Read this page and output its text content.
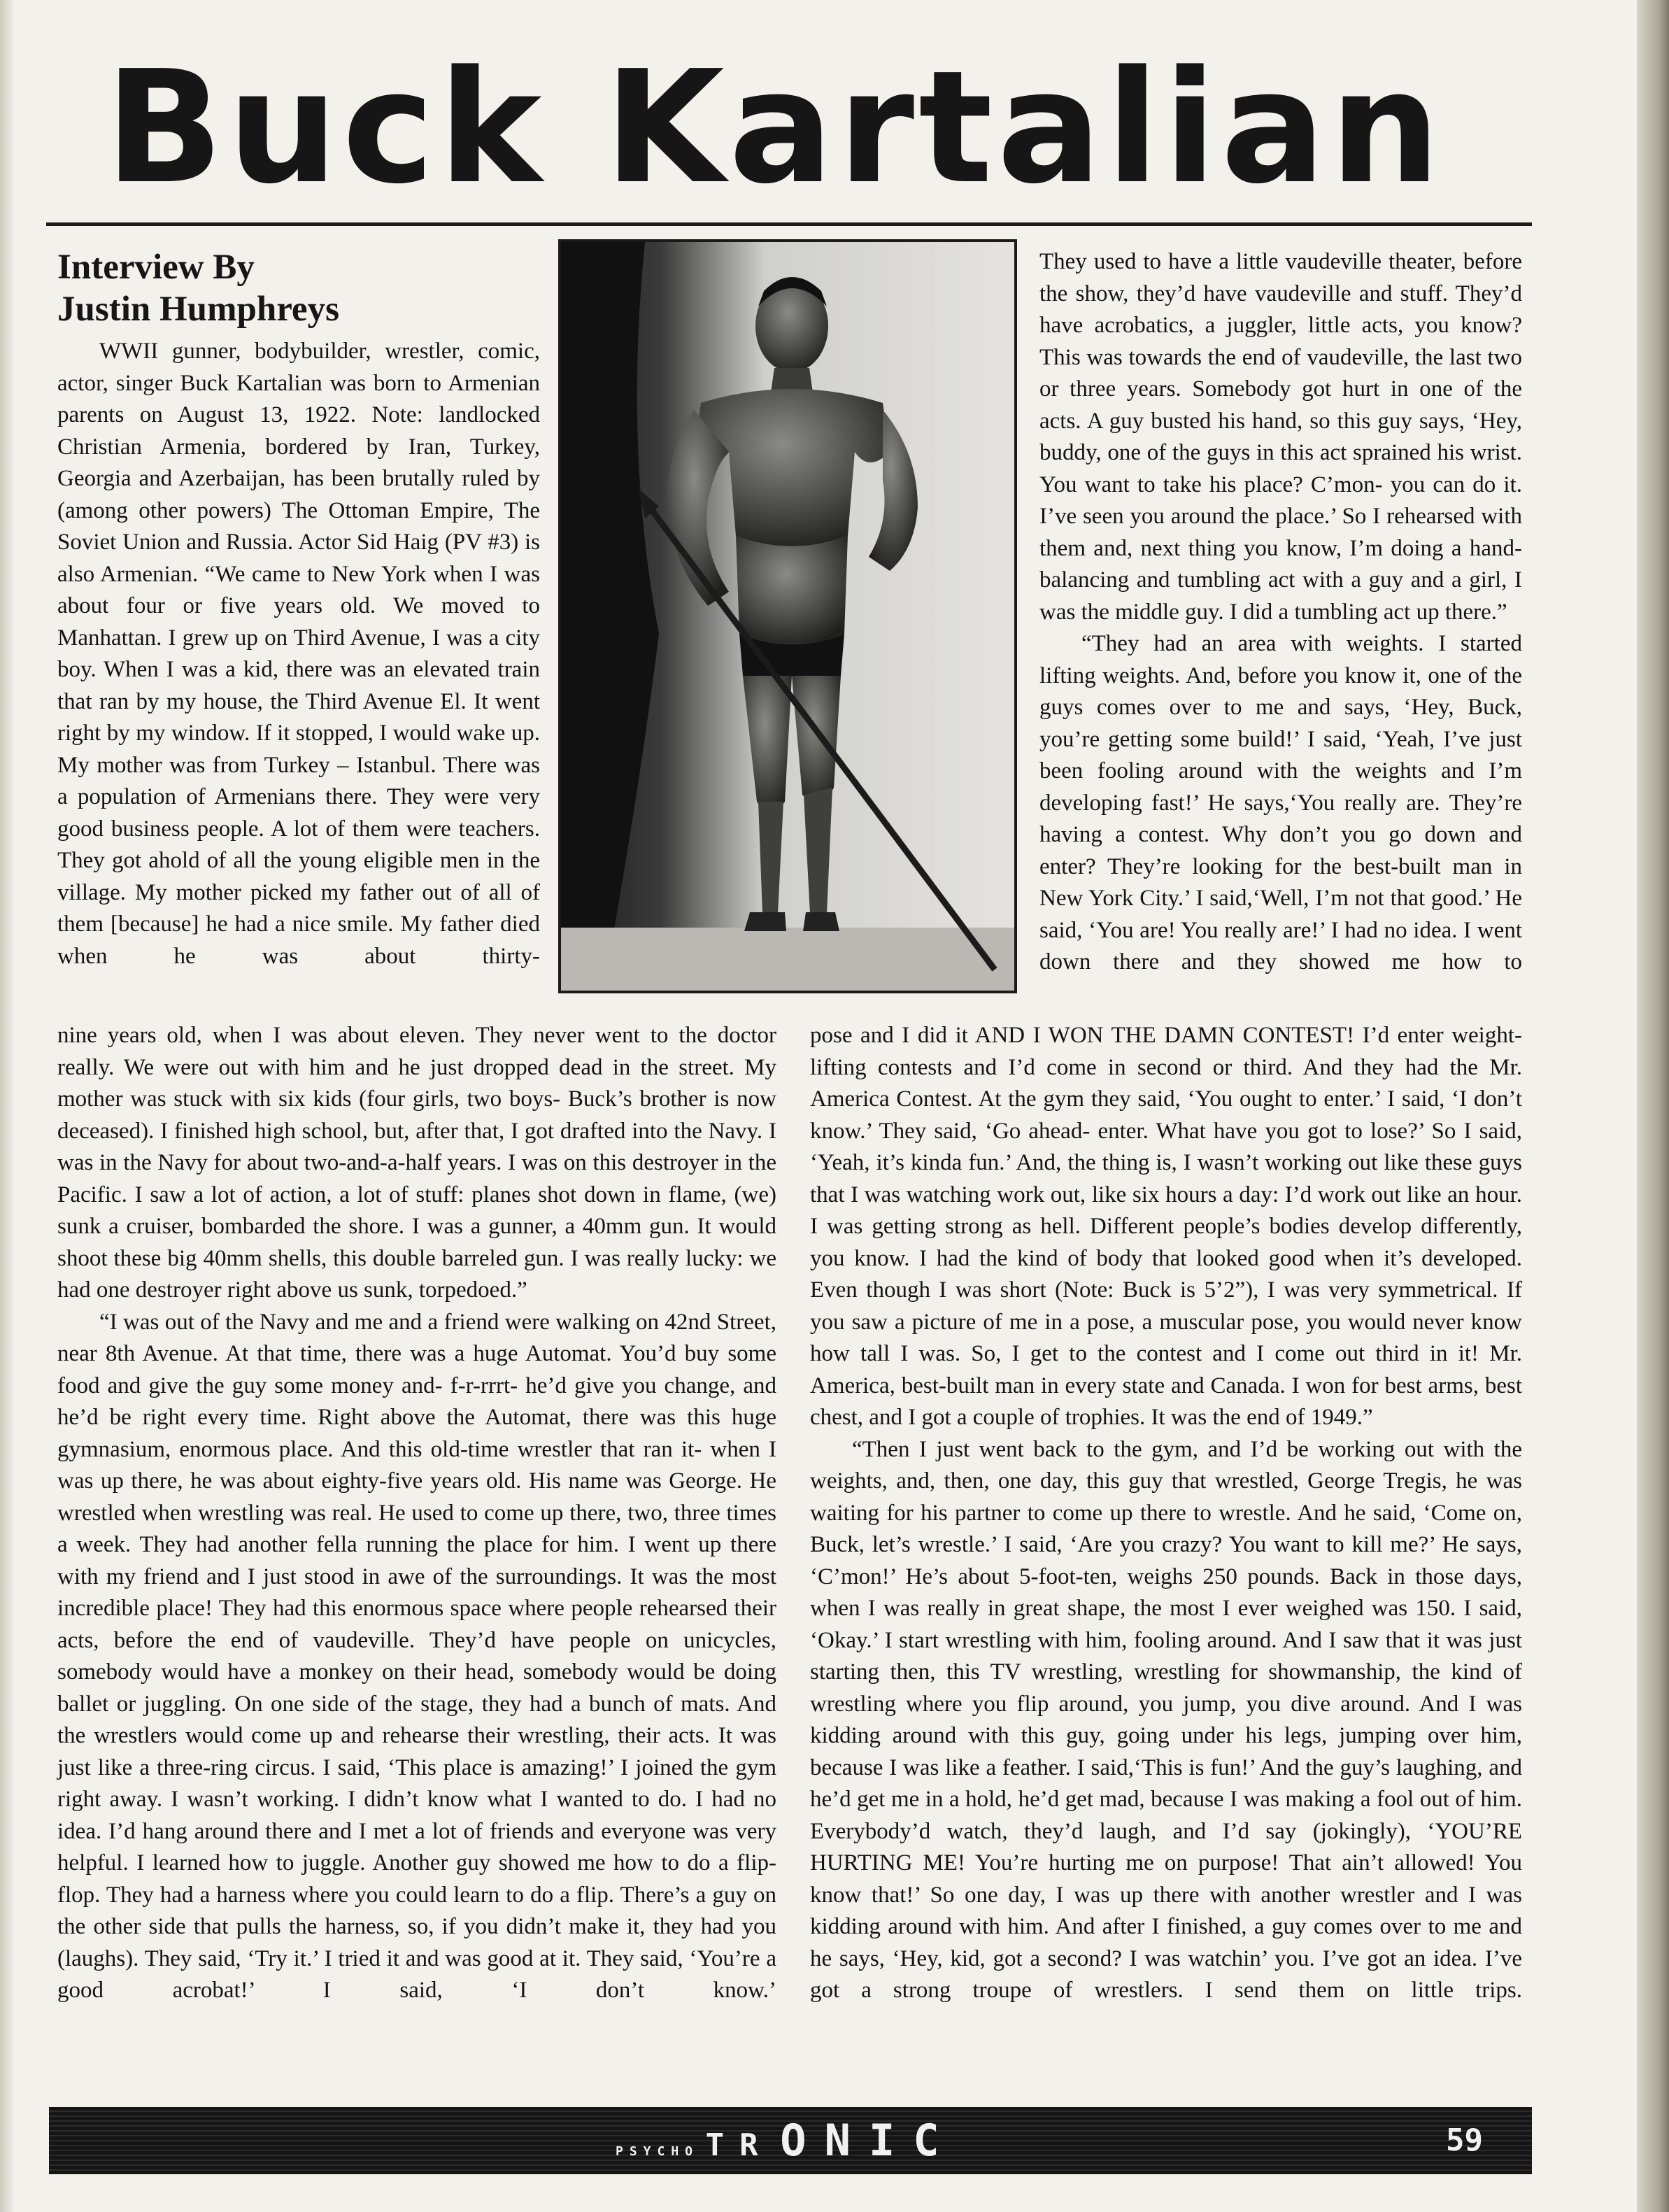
Buck Kartalian
Interview By
Justin Humphreys

WWII gunner, bodybuilder, wrestler, comic, actor, singer Buck Kartalian was born to Armenian parents on August 13, 1922. Note: landlocked Christian Armenia, bordered by Iran, Turkey, Georgia and Azerbaijan, has been brutally ruled by (among other powers) The Ottoman Empire, The Soviet Union and Russia. Actor Sid Haig (PV #3) is also Armenian. “We came to New York when I was about four or five years old. We moved to Manhattan. I grew up on Third Avenue, I was a city boy. When I was a kid, there was an elevated train that ran by my house, the Third Avenue El. It went right by my window. If it stopped, I would wake up. My mother was from Turkey – Istanbul. There was a population of Armenians there. They were very good business people. A lot of them were teachers. They got ahold of all the young eligible men in the village. My mother picked my father out of all of them [because] he had a nice smile. My father died when he was about thirty-

They used to have a little vaudeville theater, before the show, they’d have vaudeville and stuff. They’d have acrobatics, a juggler, little acts, you know? This was towards the end of vaudeville, the last two or three years. Somebody got hurt in one of the acts. A guy busted his hand, so this guy says, ‘Hey, buddy, one of the guys in this act sprained his wrist. You want to take his place? C’mon- you can do it. I’ve seen you around the place.’ So I rehearsed with them and, next thing you know, I’m doing a hand-balancing and tumbling act with a guy and a girl, I was the middle guy. I did a tumbling act up there.”

“They had an area with weights. I started lifting weights. And, before you know it, one of the guys comes over to me and says, ‘Hey, Buck, you’re getting some build!’ I said, ‘Yeah, I’ve just been fooling around with the weights and I’m developing fast!’ He says,‘You really are. They’re having a contest. Why don’t you go down and enter? They’re looking for the best-built man in New York City.’ I said,‘Well, I’m not that good.’ He said, ‘You are! You really are!’ I had no idea. I went down there and they showed me how to

nine years old, when I was about eleven. They never went to the doctor really. We were out with him and he just dropped dead in the street. My mother was stuck with six kids (four girls, two boys- Buck’s brother is now deceased). I finished high school, but, after that, I got drafted into the Navy. I was in the Navy for about two-and-a-half years. I was on this destroyer in the Pacific. I saw a lot of action, a lot of stuff: planes shot down in flame, (we) sunk a cruiser, bombarded the shore. I was a gunner, a 40mm gun. It would shoot these big 40mm shells, this double barreled gun. I was really lucky: we had one destroyer right above us sunk, torpedoed.”

“I was out of the Navy and me and a friend were walking on 42nd Street, near 8th Avenue. At that time, there was a huge Automat. You’d buy some food and give the guy some money and- f-r-rrrt- he’d give you change, and he’d be right every time. Right above the Automat, there was this huge gymnasium, enormous place. And this old-time wrestler that ran it- when I was up there, he was about eighty-five years old. His name was George. He wrestled when wrestling was real. He used to come up there, two, three times a week. They had another fella running the place for him. I went up there with my friend and I just stood in awe of the surroundings. It was the most incredible place! They had this enormous space where people rehearsed their acts, before the end of vaudeville. They’d have people on unicycles, somebody would have a monkey on their head, somebody would be doing ballet or juggling. On one side of the stage, they had a bunch of mats. And the wrestlers would come up and rehearse their wrestling, their acts. It was just like a three-ring circus. I said, ‘This place is amazing!’ I joined the gym right away. I wasn’t working. I didn’t know what I wanted to do. I had no idea. I’d hang around there and I met a lot of friends and everyone was very helpful. I learned how to juggle. Another guy showed me how to do a flip-flop. They had a harness where you could learn to do a flip. There’s a guy on the other side that pulls the harness, so, if you didn’t make it, they had you (laughs). They said, ‘Try it.’ I tried it and was good at it. They said, ‘You’re a good acrobat!’ I said, ‘I don’t know.’

pose and I did it AND I WON THE DAMN CONTEST! I’d enter weight-lifting contests and I’d come in second or third. And they had the Mr. America Contest. At the gym they said, ‘You ought to enter.’ I said, ‘I don’t know.’ They said, ‘Go ahead- enter. What have you got to lose?’ So I said, ‘Yeah, it’s kinda fun.’ And, the thing is, I wasn’t working out like these guys that I was watching work out, like six hours a day: I’d work out like an hour. I was getting strong as hell. Different people’s bodies develop differently, you know. I had the kind of body that looked good when it’s developed. Even though I was short (Note: Buck is 5’2”), I was very symmetrical. If you saw a picture of me in a pose, a muscular pose, you would never know how tall I was. So, I get to the contest and I come out third in it! Mr. America, best-built man in every state and Canada. I won for best arms, best chest, and I got a couple of trophies. It was the end of 1949.”

“Then I just went back to the gym, and I’d be working out with the weights, and, then, one day, this guy that wrestled, George Tregis, he was waiting for his partner to come up there to wrestle. And he said, ‘Come on, Buck, let’s wrestle.’ I said, ‘Are you crazy? You want to kill me?’ He says, ‘C’mon!’ He’s about 5-foot-ten, weighs 250 pounds. Back in those days, when I was really in great shape, the most I ever weighed was 150. I said, ‘Okay.’ I start wrestling with him, fooling around. And I saw that it was just starting then, this TV wrestling, wrestling for showmanship, the kind of wrestling where you flip around, you jump, you dive around. And I was kidding around with this guy, going under his legs, jumping over him, because I was like a feather. I said,‘This is fun!’ And the guy’s laughing, and he’d get me in a hold, he’d get mad, because I was making a fool out of him. Everybody’d watch, they’d laugh, and I’d say (jokingly), ‘YOU’RE HURTING ME! You’re hurting me on purpose! That ain’t allowed! You know that!’ So one day, I was up there with another wrestler and I was kidding around with him. And after I finished, a guy comes over to me and he says, ‘Hey, kid, got a second? I was watchin’ you. I’ve got an idea. I’ve got a strong troupe of wrestlers. I send them on little trips.

PSYCHO TR ONIC	59
